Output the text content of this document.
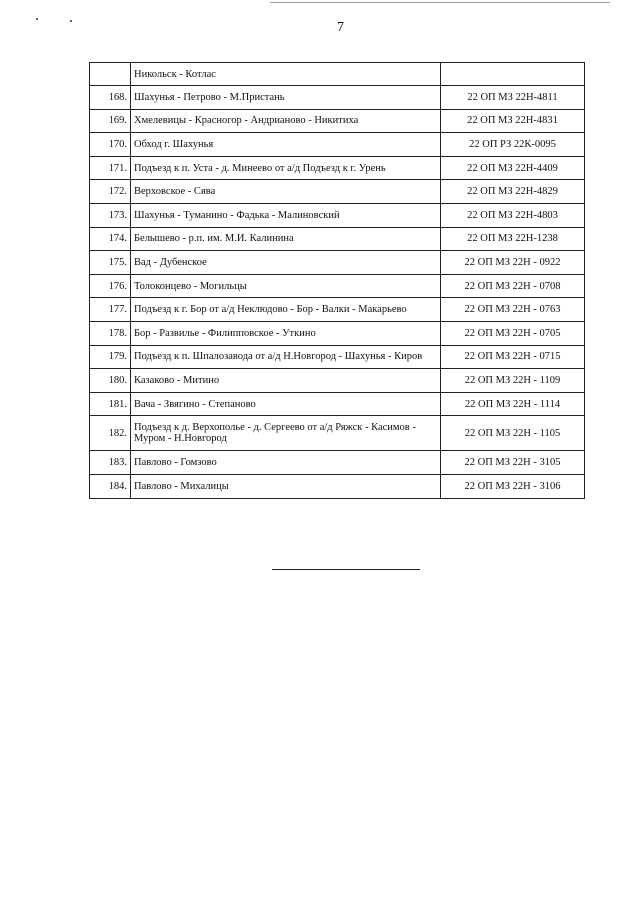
7
	Никольск - Котлас	
168.	Шахунья - Петрово - М.Пристань	22 ОП МЗ 22Н-4811
169.	Хмелевицы - Красногор - Андрианово - Никитиха	22 ОП МЗ 22Н-4831
170.	Обход г. Шахунья	22 ОП РЗ 22К-0095
171.	Подъезд к п. Уста - д. Минеево от а/д Подъезд к г. Урень	22 ОП МЗ 22Н-4409
172.	Верховское - Сява	22 ОП МЗ 22Н-4829
173.	Шахунья - Туманино - Фадька - Малиновский	22 ОП МЗ 22Н-4803
174.	Белышево - р.п. им. М.И. Калинина	22 ОП МЗ 22Н-1238
175.	Вад - Дубенское	22 ОП МЗ 22Н - 0922
176.	Толоконцево - Могильцы	22 ОП МЗ 22Н - 0708
177.	Подъезд к г. Бор от а/д Неклюдово - Бор - Валки - Макарьево	22 ОП МЗ 22Н - 0763
178.	Бор - Развилье - Филипповское - Уткино	22 ОП МЗ 22Н - 0705
179.	Подъезд к п. Шпалозавода от а/д Н.Новгород - Шахунья - Киров	22 ОП МЗ 22Н - 0715
180.	Казаково - Митино	22 ОП МЗ 22Н - 1109
181.	Вача - Звягино - Степаново	22 ОП МЗ 22Н - 1114
182.	Подъезд к д. Верхополье - д. Сергеево от а/д Ряжск - Касимов - Муром - Н.Новгород	22 ОП МЗ 22Н - 1105
183.	Павлово - Гомзово	22 ОП МЗ 22Н - 3105
184.	Павлово - Михалицы	22 ОП МЗ 22Н - 3106
